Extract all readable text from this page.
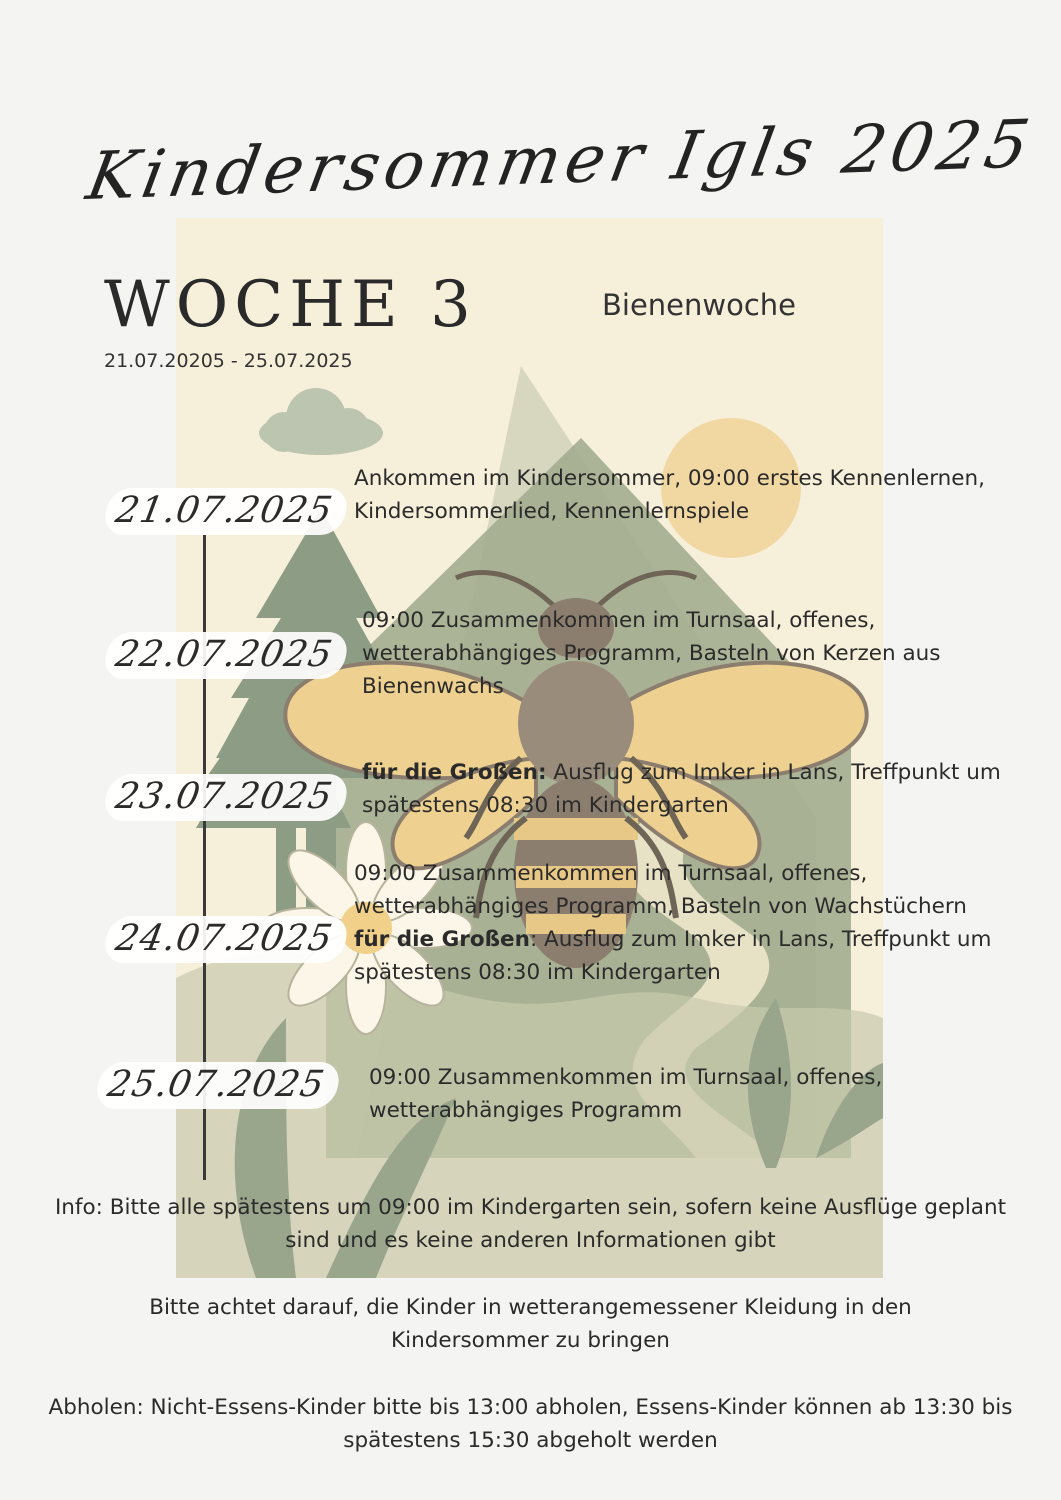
Kindersommer Igls 2025
WOCHE 3	Bienenwoche
21.07.20205 - 25.07.2025
21.07.2025

Ankommen im Kindersommer, 09:00 erstes Kennenlernen, Kindersommerlied, Kennenlernspiele

22.07.2025

09:00 Zusammenkommen im Turnsaal, offenes, wetterabhängiges Programm, Basteln von Kerzen aus Bienenwachs

23.07.2025

für die Großen: Ausflug zum Imker in Lans, Treffpunkt um spätestens 08:30 im Kindergarten

24.07.2025

09:00 Zusammenkommen im Turnsaal, offenes, wetterabhängiges Programm, Basteln von Wachstüchern

für die Großen: Ausflug zum Imker in Lans, Treffpunkt um spätestens 08:30 im Kindergarten

25.07.2025	09:00 Zusammenkommen im Turnsaal, offenes, wetterabhängiges Programm

Info: Bitte alle spätestens um 09:00 im Kindergarten sein, sofern keine Ausflüge geplant sind und es keine anderen Informationen gibt

Bitte achtet darauf, die Kinder in wetterangemessener Kleidung in den Kindersommer zu bringen

Abholen: Nicht-Essens-Kinder bitte bis 13:00 abholen, Essens-Kinder können ab 13:30 bis spätestens 15:30 abgeholt werden
